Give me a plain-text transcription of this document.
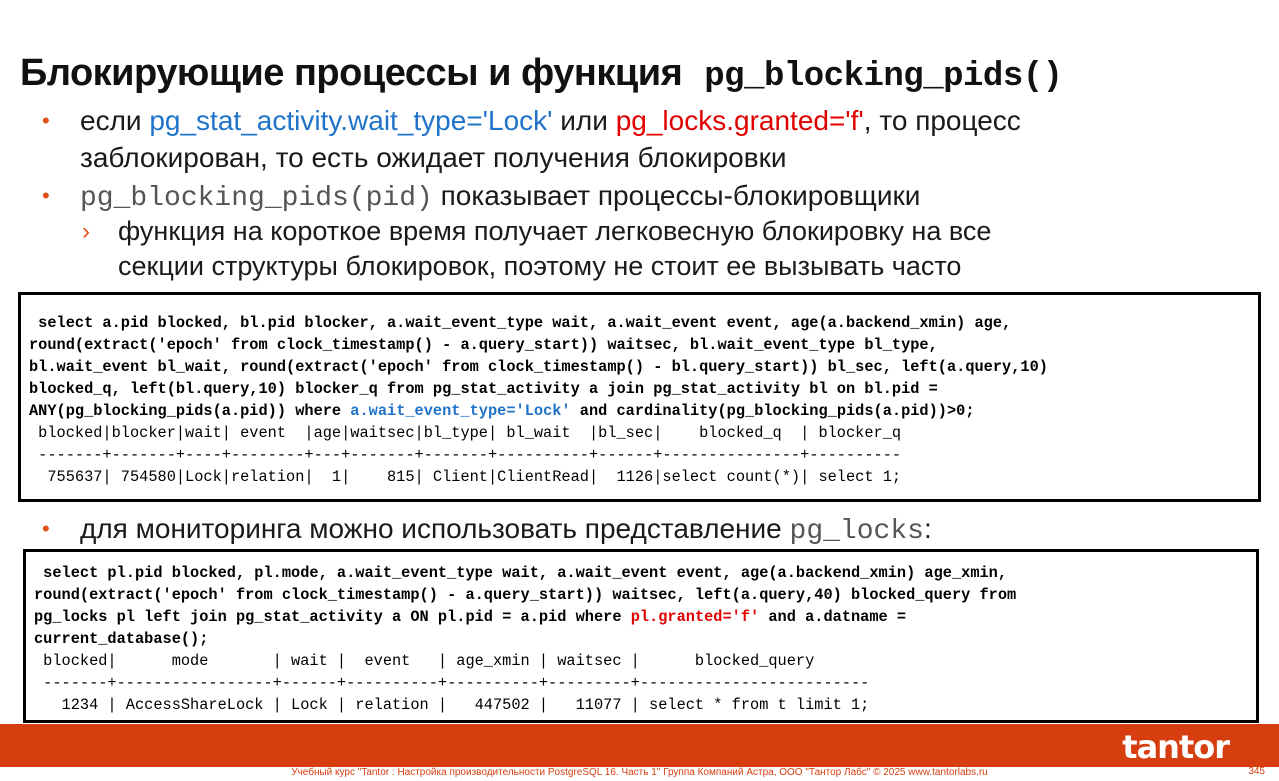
Блокирующие процессы и функция pg_blocking_pids()
• если pg_stat_activity.wait_type='Lock' или pg_locks.granted='f', то процесс
заблокирован, то есть ожидает получения блокировки
• pg_blocking_pids(pid) показывает процессы-блокировщики
› функция на короткое время получает легковесную блокировку на все
секции структуры блокировок, поэтому не стоит ее вызывать часто
select a.pid blocked, bl.pid blocker, a.wait_event_type wait, a.wait_event event, age(a.backend_xmin) age,
round(extract('epoch' from clock_timestamp() - a.query_start)) waitsec, bl.wait_event_type bl_type,
bl.wait_event bl_wait, round(extract('epoch' from clock_timestamp() - bl.query_start)) bl_sec, left(a.query,10)
blocked_q, left(bl.query,10) blocker_q from pg_stat_activity a join pg_stat_activity bl on bl.pid =
ANY(pg_blocking_pids(a.pid)) where a.wait_event_type='Lock' and cardinality(pg_blocking_pids(a.pid))>0;
blocked|blocker|wait| event  |age|waitsec|bl_type| bl_wait  |bl_sec|    blocked_q  | blocker_q
-------+-------+----+--------+---+-------+-------+----------+------+---------------+----------
755637| 754580|Lock|relation|  1|    815| Client|ClientRead|  1126|select count(*)| select 1;
• для мониторинга можно использовать представление pg_locks:
select pl.pid blocked, pl.mode, a.wait_event_type wait, a.wait_event event, age(a.backend_xmin) age_xmin,
round(extract('epoch' from clock_timestamp() - a.query_start)) waitsec, left(a.query,40) blocked_query from
pg_locks pl left join pg_stat_activity a ON pl.pid = a.pid where pl.granted='f' and a.datname =
current_database();
blocked|      mode       | wait |  event   | age_xmin | waitsec |      blocked_query
-------+-----------------+------+----------+----------+---------+-------------------------
1234 | AccessShareLock | Lock | relation |   447502 |   11077 | select * from t limit 1;
tantor
Учебный курс "Tantor : Настройка производительности PostgreSQL 16. Часть 1" Группа Компаний Астра, ООО "Тантор Лабс" © 2025 www.tantorlabs.ru	345
